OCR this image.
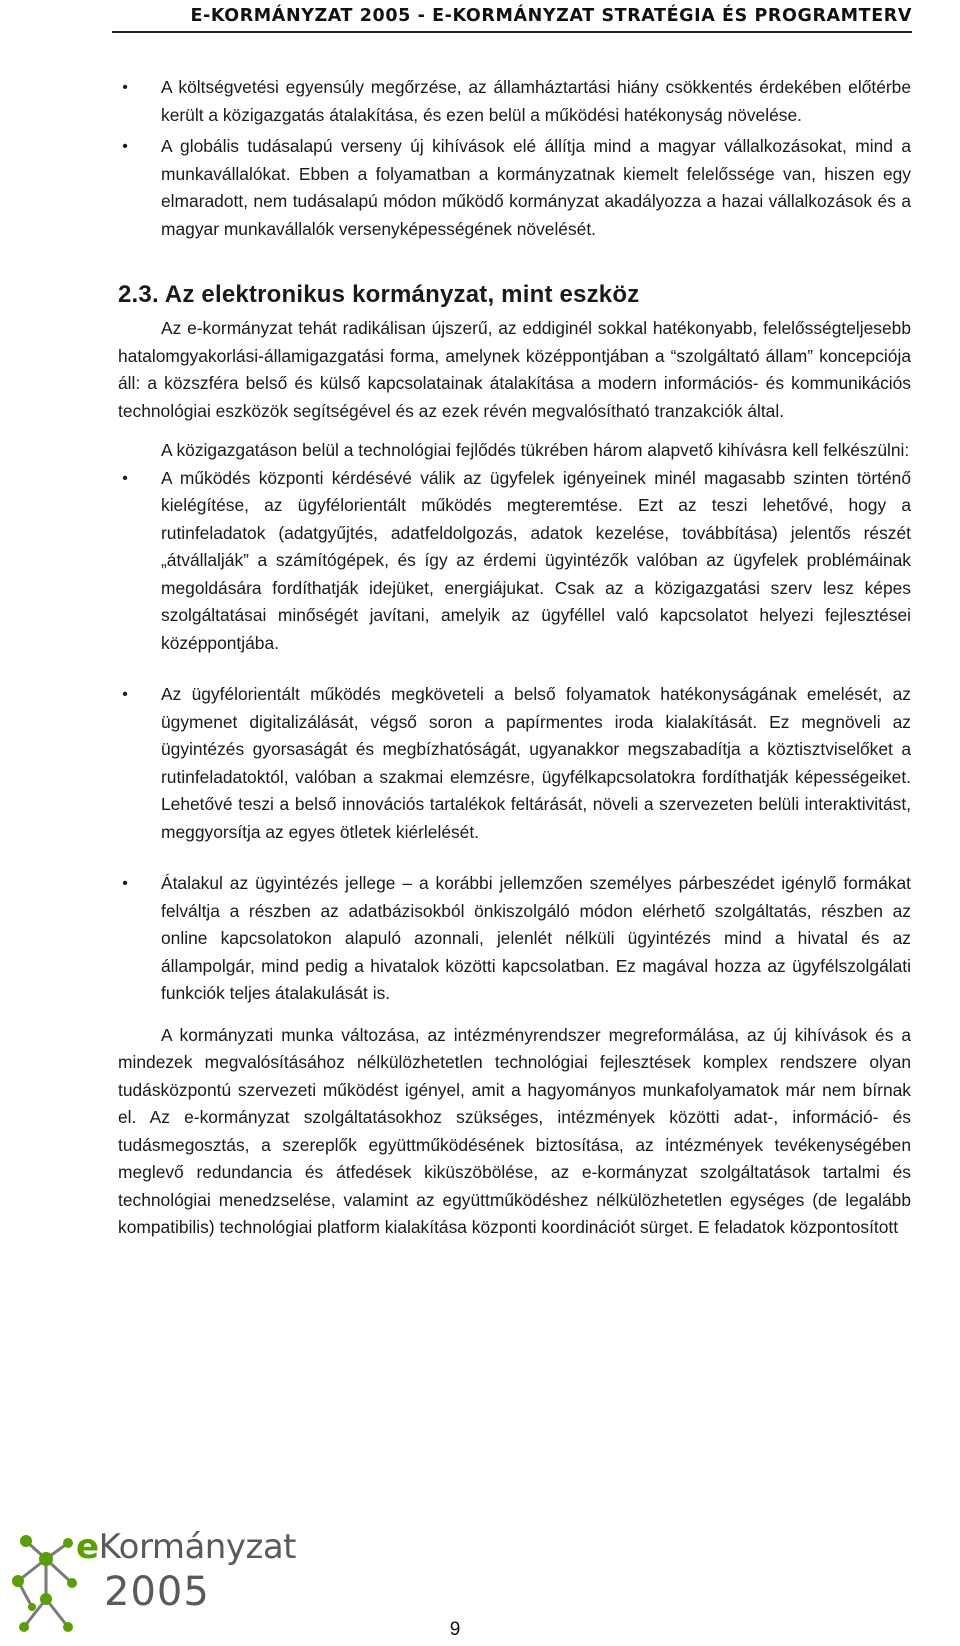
E-KORMÁNYZAT 2005 - E-KORMÁNYZAT STRATÉGIA ÉS PROGRAMTERV
• A költségvetési egyensúly megőrzése, az államháztartási hiány csökkentés érdekében előtérbe került a közigazgatás átalakítása, és ezen belül a működési hatékonyság növelése.
• A globális tudásalapú verseny új kihívások elé állítja mind a magyar vállalkozásokat, mind a munkavállalókat. Ebben a folyamatban a kormányzatnak kiemelt felelőssége van, hiszen egy elmaradott, nem tudásalapú módon működő kormányzat akadályozza a hazai vállalkozások és a magyar munkavállalók versenyképességének növelését.
2.3. Az elektronikus kormányzat, mint eszköz

Az e-kormányzat tehát radikálisan újszerű, az eddiginél sokkal hatékonyabb, felelősségteljesebb hatalomgyakorlási-államigazgatási forma, amelynek középpontjában a “szolgáltató állam” koncepciója áll: a közszféra belső és külső kapcsolatainak átalakítása a modern információs- és kommunikációs technológiai eszközök segítségével és az ezek révén megvalósítható tranzakciók által.

A közigazgatáson belül a technológiai fejlődés tükrében három alapvető kihívásra kell felkészülni:

• A működés központi kérdésévé válik az ügyfelek igényeinek minél magasabb szinten történő kielégítése, az ügyfélorientált működés megteremtése. Ezt az teszi lehetővé, hogy a rutinfeladatok (adatgyűjtés, adatfeldolgozás, adatok kezelése, továbbítása) jelentős részét „átvállalják” a számítógépek, és így az érdemi ügyintézők valóban az ügyfelek problémáinak megoldására fordíthatják idejüket, energiájukat. Csak az a közigazgatási szerv lesz képes szolgáltatásai minőségét javítani, amelyik az ügyféllel való kapcsolatot helyezi fejlesztései középpontjába.
• Az ügyfélorientált működés megköveteli a belső folyamatok hatékonyságának emelését, az ügymenet digitalizálását, végső soron a papírmentes iroda kialakítását. Ez megnöveli az ügyintézés gyorsaságát és megbízhatóságát, ugyanakkor megszabadítja a köztisztviselőket a rutinfeladatoktól, valóban a szakmai elemzésre, ügyfélkapcsolatokra fordíthatják képességeiket. Lehetővé teszi a belső innovációs tartalékok feltárását, növeli a szervezeten belüli interaktivitást, meggyorsítja az egyes ötletek kiérlelését.
• Átalakul az ügyintézés jellege – a korábbi jellemzően személyes párbeszédet igénylő formákat felváltja a részben az adatbázisokból önkiszolgáló módon elérhető szolgáltatás, részben az online kapcsolatokon alapuló azonnali, jelenlét nélküli ügyintézés mind a hivatal és az állampolgár, mind pedig a hivatalok közötti kapcsolatban. Ez magával hozza az ügyfélszolgálati funkciók teljes átalakulását is.

A kormányzati munka változása, az intézményrendszer megreformálása, az új kihívások és a mindezek megvalósításához nélkülözhetetlen technológiai fejlesztések komplex rendszere olyan tudásközpontú szervezeti működést igényel, amit a hagyományos munkafolyamatok már nem bírnak el. Az e-kormányzat szolgáltatásokhoz szükséges, intézmények közötti adat-, információ- és tudásmegosztás, a szereplők együttműködésének biztosítása, az intézmények tevékenységében meglevő redundancia és átfedések kiküszöbölése, az e-kormányzat szolgáltatások tartalmi és technológiai menedzselése, valamint az együttműködéshez nélkülözhetetlen egységes (de legalább kompatibilis) technológiai platform kialakítása központi koordinációt sürget. E feladatok központosított

eKormányzat
2005
9
